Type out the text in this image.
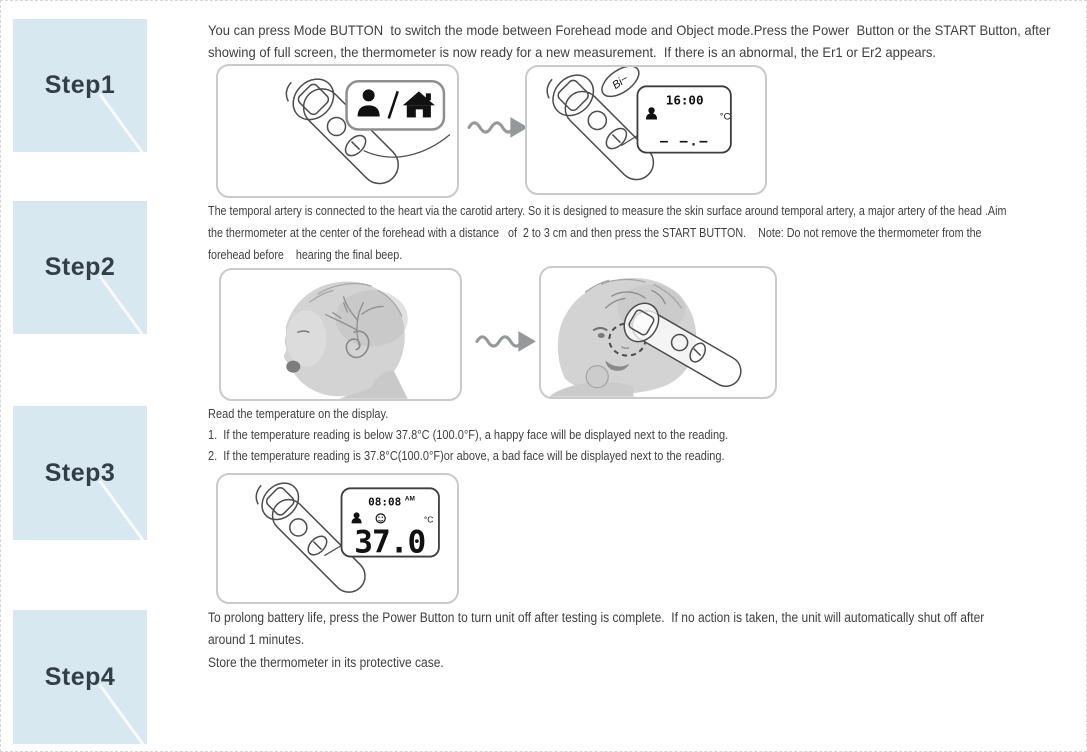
Step1
Step2
Step3
Step4
You can press Mode BUTTON  to switch the mode between Forehead mode and Object mode.Press the Power  Button or the START Button, after
showing of full screen, the thermometer is now ready for a new measurement.  If there is an abnormal, the Er1 or Er2 appears.
Bi~
16:00
°C
– –.–
The temporal artery is connected to the heart via the carotid artery. So it is designed to measure the skin surface around temporal artery, a major artery of the head .Aim
the thermometer at the center of the forehead with a distance   of  2 to 3 cm and then press the START BUTTON.    Note: Do not remove the thermometer from the
forehead before    hearing the final beep.
Read the temperature on the display.
1.  If the temperature reading is below 37.8°C (100.0°F), a happy face will be displayed next to the reading.
2.  If the temperature reading is 37.8°C(100.0°F)or above, a bad face will be displayed next to the reading.
08:08 AM
°C
37.0
To prolong battery life, press the Power Button to turn unit off after testing is complete.  If no action is taken, the unit will automatically shut off after
around 1 minutes.
Store the thermometer in its protective case.
